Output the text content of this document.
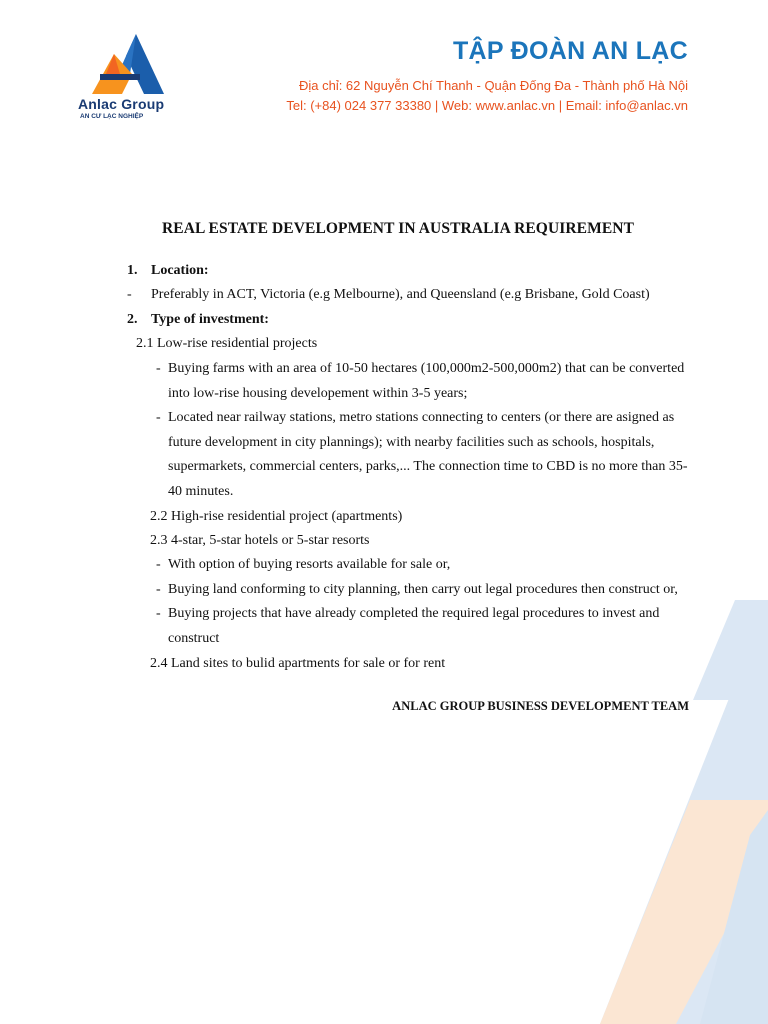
Anlac Group
AN CƯ LẠC NGHIỆP
TẬP ĐOÀN AN LẠC
Địa chỉ: 62 Nguyễn Chí Thanh - Quận Đống Đa - Thành phố Hà Nội
Tel: (+84) 024 377 33380 | Web: www.anlac.vn | Email: info@anlac.vn
REAL ESTATE DEVELOPMENT IN AUSTRALIA REQUIREMENT
1. Location:
- Preferably in ACT, Victoria (e.g Melbourne), and Queensland (e.g Brisbane, Gold Coast)
2. Type of investment:
2.1 Low-rise residential projects
- Buying farms with an area of 10-50 hectares (100,000m2-500,000m2) that can be converted
into low-rise housing developement within 3-5 years;
- Located near railway stations, metro stations connecting to centers (or there are asigned as
future development in city plannings); with nearby facilities such as schools, hospitals,
supermarkets, commercial centers, parks,... The connection time to CBD is no more than 35-
40 minutes.
2.2 High-rise residential project (apartments)
2.3 4-star, 5-star hotels or 5-star resorts
- With option of buying resorts available for sale or,
- Buying land conforming to city planning, then carry out legal procedures then construct or,
- Buying projects that have already completed the required legal procedures to invest and
construct
2.4 Land sites to bulid apartments for sale or for rent
ANLAC GROUP BUSINESS DEVELOPMENT TEAM
